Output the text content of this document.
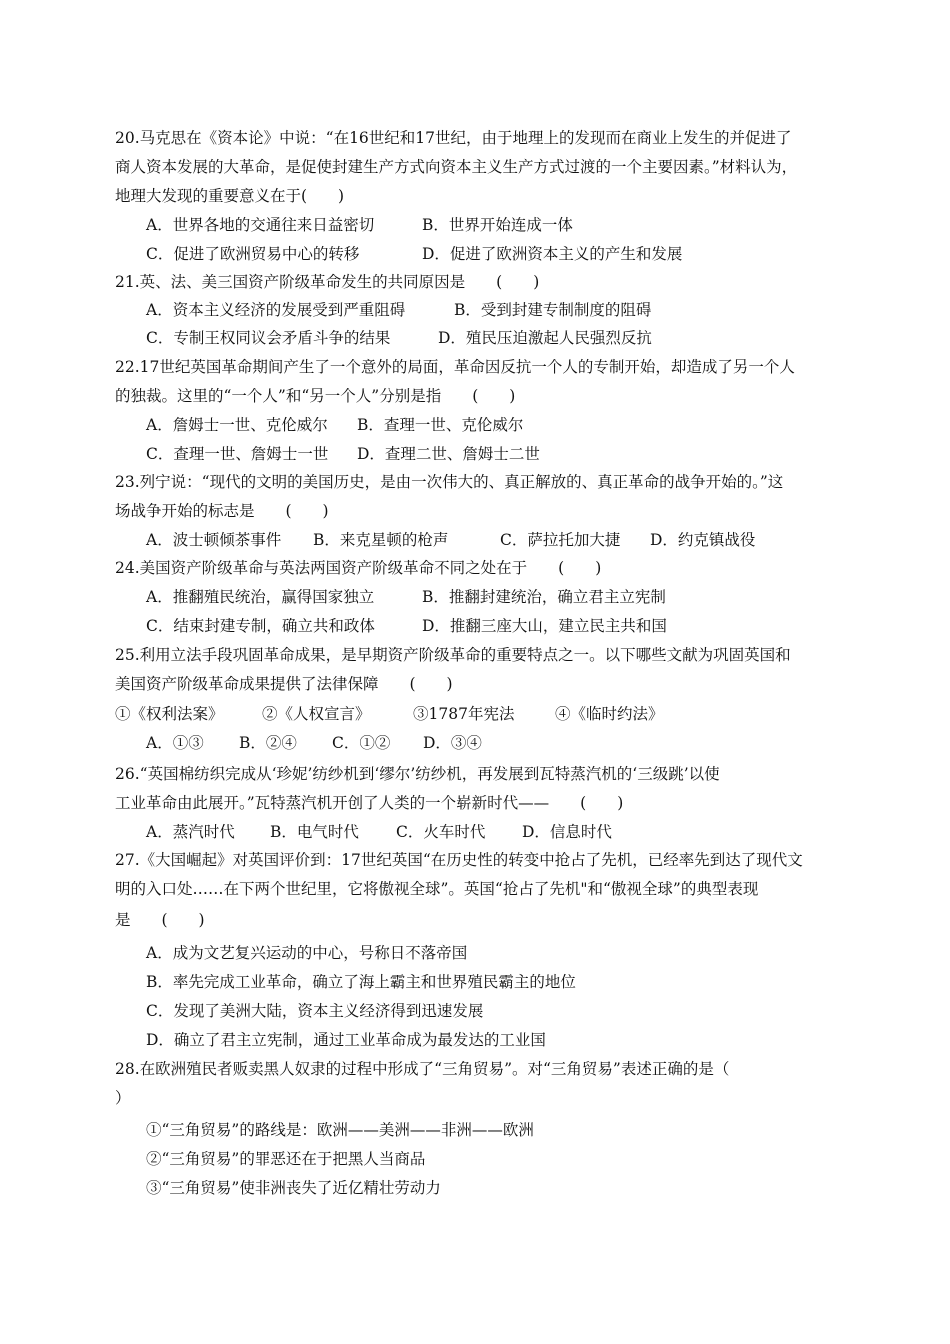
20.马克思在《资本论》中说：“在16世纪和17世纪，由于地理上的发现而在商业上发生的并促进了
商人资本发展的大革命，是促使封建生产方式向资本主义生产方式过渡的一个主要因素。”材料认为，
地理大发现的重要意义在于(　　)
A．世界各地的交通往来日益密切	B．世界开始连成一体
C．促进了欧洲贸易中心的转移	D．促进了欧洲资本主义的产生和发展
21.英、法、美三国资产阶级革命发生的共同原因是　　(　　)
A．资本主义经济的发展受到严重阻碍	B．受到封建专制制度的阻碍
C．专制王权同议会矛盾斗争的结果	D．殖民压迫激起人民强烈反抗
22.17世纪英国革命期间产生了一个意外的局面，革命因反抗一个人的专制开始，却造成了另一个人
的独裁。这里的“一个人”和“另一个人”分别是指　　(　　)
A．詹姆士一世、克伦威尔 B．查理一世、克伦威尔
C．查理一世、詹姆士一世 D．查理二世、詹姆士二世
23.列宁说：“现代的文明的美国历史，是由一次伟大的、真正解放的、真正革命的战争开始的。”这
场战争开始的标志是　　(　　)
A．波士顿倾茶事件 B．来克星顿的枪声	C．萨拉托加大捷 D．约克镇战役
24.美国资产阶级革命与英法两国资产阶级革命不同之处在于　　(　　)
A．推翻殖民统治，赢得国家独立	B．推翻封建统治，确立君主立宪制
C．结束封建专制，确立共和政体	D．推翻三座大山，建立民主共和国
25.利用立法手段巩固革命成果，是早期资产阶级革命的重要特点之一。以下哪些文献为巩固英国和
美国资产阶级革命成果提供了法律保障　　(　　)
①《权利法案》 ②《人权宣言》	③1787年宪法	④《临时约法》
A．①③ B．②④ C．①② D．③④
26.“英国棉纺织完成从‘珍妮’纺纱机到‘缪尔’纺纱机，再发展到瓦特蒸汽机的‘三级跳’以使
工业革命由此展开。”瓦特蒸汽机开创了人类的一个崭新时代——　　(　　)
A．蒸汽时代 B．电气时代 C．火车时代 D．信息时代
27.《大国崛起》对英国评价到：17世纪英国“在历史性的转变中抢占了先机，已经率先到达了现代文
明的入口处……在下两个世纪里，它将傲视全球”。英国“抢占了先机"和“傲视全球”的典型表现
是　　(　　)
A．成为文艺复兴运动的中心，号称日不落帝国
B．率先完成工业革命，确立了海上霸主和世界殖民霸主的地位
C．发现了美洲大陆，资本主义经济得到迅速发展
D．确立了君主立宪制，通过工业革命成为最发达的工业国
28.在欧洲殖民者贩卖黑人奴隶的过程中形成了“三角贸易”。对“三角贸易”表述正确的是（
）
①“三角贸易”的路线是：欧洲——美洲——非洲——欧洲
②“三角贸易”的罪恶还在于把黑人当商品
③“三角贸易”使非洲丧失了近亿精壮劳动力
